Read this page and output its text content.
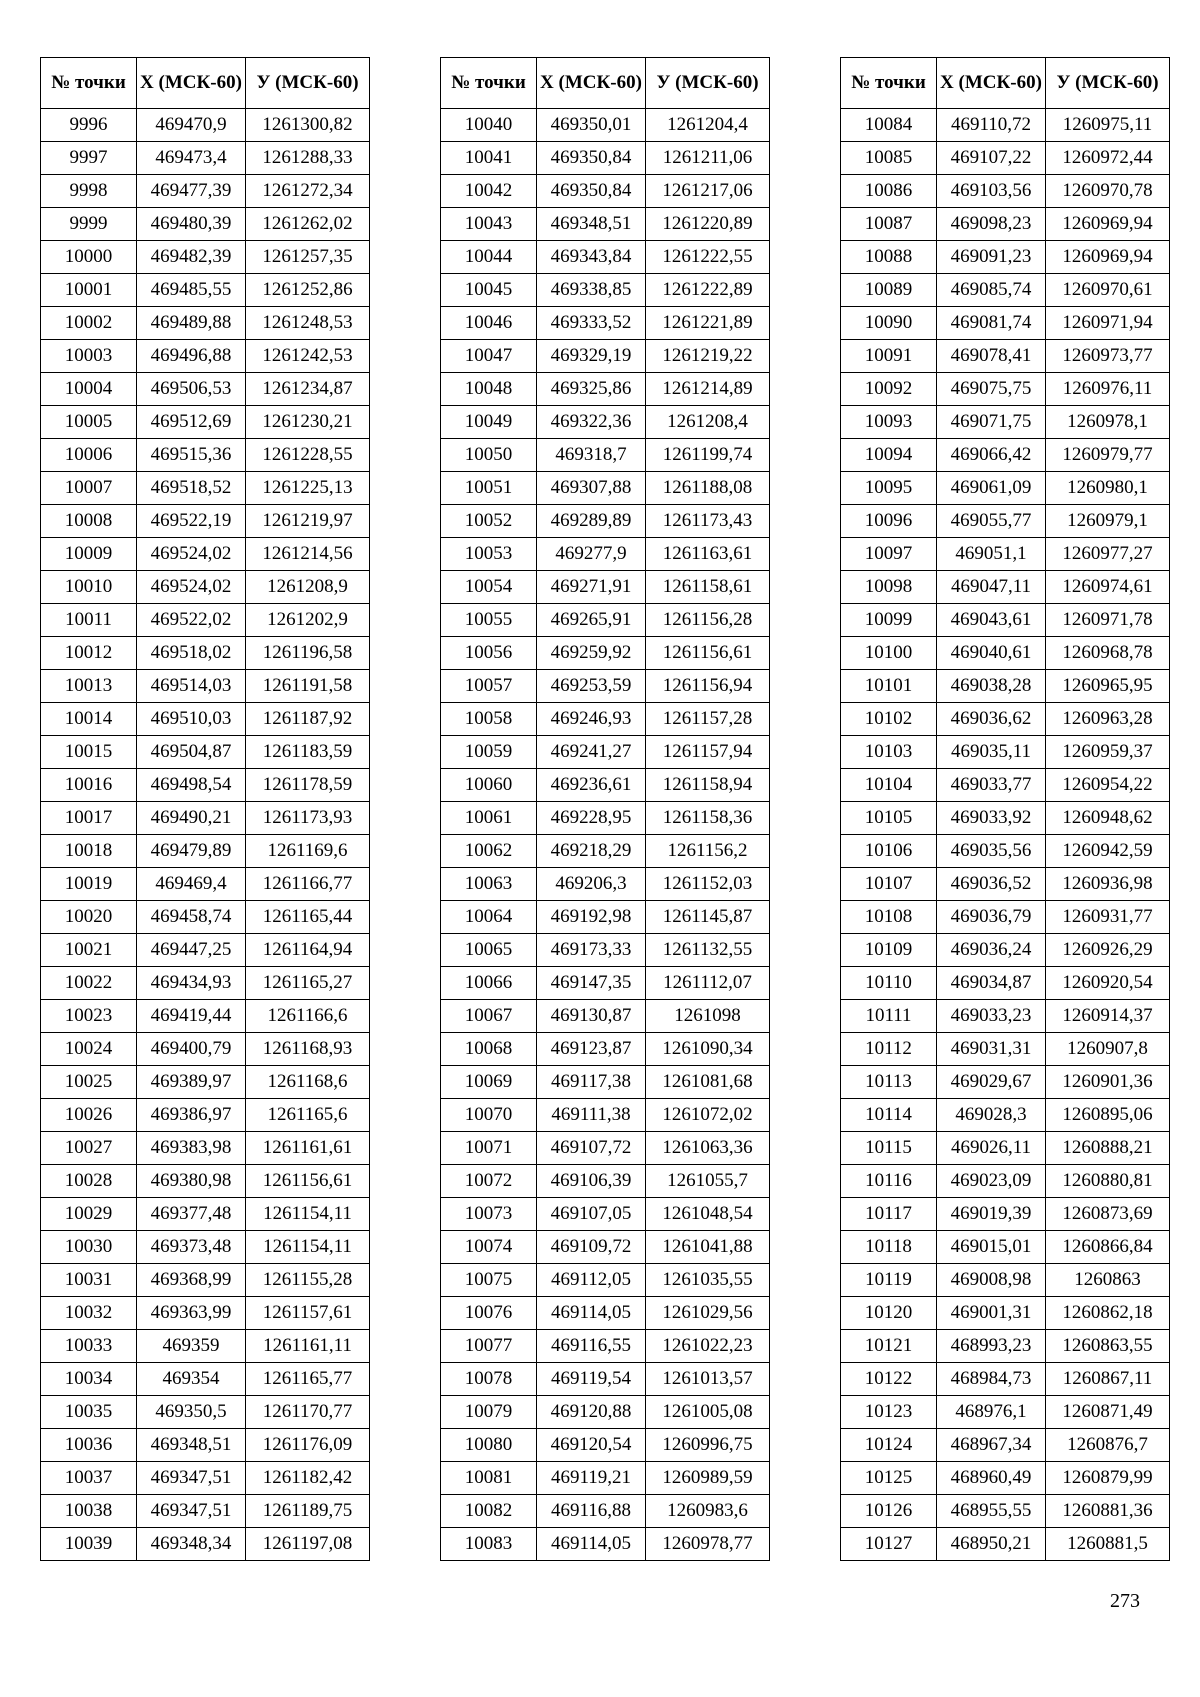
№ точки	X (МСК-60)	У (МСК-60)
9996	469470,9	1261300,82
9997	469473,4	1261288,33
9998	469477,39	1261272,34
9999	469480,39	1261262,02
10000	469482,39	1261257,35
10001	469485,55	1261252,86
10002	469489,88	1261248,53
10003	469496,88	1261242,53
10004	469506,53	1261234,87
10005	469512,69	1261230,21
10006	469515,36	1261228,55
10007	469518,52	1261225,13
10008	469522,19	1261219,97
10009	469524,02	1261214,56
10010	469524,02	1261208,9
10011	469522,02	1261202,9
10012	469518,02	1261196,58
10013	469514,03	1261191,58
10014	469510,03	1261187,92
10015	469504,87	1261183,59
10016	469498,54	1261178,59
10017	469490,21	1261173,93
10018	469479,89	1261169,6
10019	469469,4	1261166,77
10020	469458,74	1261165,44
10021	469447,25	1261164,94
10022	469434,93	1261165,27
10023	469419,44	1261166,6
10024	469400,79	1261168,93
10025	469389,97	1261168,6
10026	469386,97	1261165,6
10027	469383,98	1261161,61
10028	469380,98	1261156,61
10029	469377,48	1261154,11
10030	469373,48	1261154,11
10031	469368,99	1261155,28
10032	469363,99	1261157,61
10033	469359	1261161,11
10034	469354	1261165,77
10035	469350,5	1261170,77
10036	469348,51	1261176,09
10037	469347,51	1261182,42
10038	469347,51	1261189,75
10039	469348,34	1261197,08
№ точки	X (МСК-60)	У (МСК-60)
10040	469350,01	1261204,4
10041	469350,84	1261211,06
10042	469350,84	1261217,06
10043	469348,51	1261220,89
10044	469343,84	1261222,55
10045	469338,85	1261222,89
10046	469333,52	1261221,89
10047	469329,19	1261219,22
10048	469325,86	1261214,89
10049	469322,36	1261208,4
10050	469318,7	1261199,74
10051	469307,88	1261188,08
10052	469289,89	1261173,43
10053	469277,9	1261163,61
10054	469271,91	1261158,61
10055	469265,91	1261156,28
10056	469259,92	1261156,61
10057	469253,59	1261156,94
10058	469246,93	1261157,28
10059	469241,27	1261157,94
10060	469236,61	1261158,94
10061	469228,95	1261158,36
10062	469218,29	1261156,2
10063	469206,3	1261152,03
10064	469192,98	1261145,87
10065	469173,33	1261132,55
10066	469147,35	1261112,07
10067	469130,87	1261098
10068	469123,87	1261090,34
10069	469117,38	1261081,68
10070	469111,38	1261072,02
10071	469107,72	1261063,36
10072	469106,39	1261055,7
10073	469107,05	1261048,54
10074	469109,72	1261041,88
10075	469112,05	1261035,55
10076	469114,05	1261029,56
10077	469116,55	1261022,23
10078	469119,54	1261013,57
10079	469120,88	1261005,08
10080	469120,54	1260996,75
10081	469119,21	1260989,59
10082	469116,88	1260983,6
10083	469114,05	1260978,77
№ точки	X (МСК-60)	У (МСК-60)
10084	469110,72	1260975,11
10085	469107,22	1260972,44
10086	469103,56	1260970,78
10087	469098,23	1260969,94
10088	469091,23	1260969,94
10089	469085,74	1260970,61
10090	469081,74	1260971,94
10091	469078,41	1260973,77
10092	469075,75	1260976,11
10093	469071,75	1260978,1
10094	469066,42	1260979,77
10095	469061,09	1260980,1
10096	469055,77	1260979,1
10097	469051,1	1260977,27
10098	469047,11	1260974,61
10099	469043,61	1260971,78
10100	469040,61	1260968,78
10101	469038,28	1260965,95
10102	469036,62	1260963,28
10103	469035,11	1260959,37
10104	469033,77	1260954,22
10105	469033,92	1260948,62
10106	469035,56	1260942,59
10107	469036,52	1260936,98
10108	469036,79	1260931,77
10109	469036,24	1260926,29
10110	469034,87	1260920,54
10111	469033,23	1260914,37
10112	469031,31	1260907,8
10113	469029,67	1260901,36
10114	469028,3	1260895,06
10115	469026,11	1260888,21
10116	469023,09	1260880,81
10117	469019,39	1260873,69
10118	469015,01	1260866,84
10119	469008,98	1260863
10120	469001,31	1260862,18
10121	468993,23	1260863,55
10122	468984,73	1260867,11
10123	468976,1	1260871,49
10124	468967,34	1260876,7
10125	468960,49	1260879,99
10126	468955,55	1260881,36
10127	468950,21	1260881,5
273
